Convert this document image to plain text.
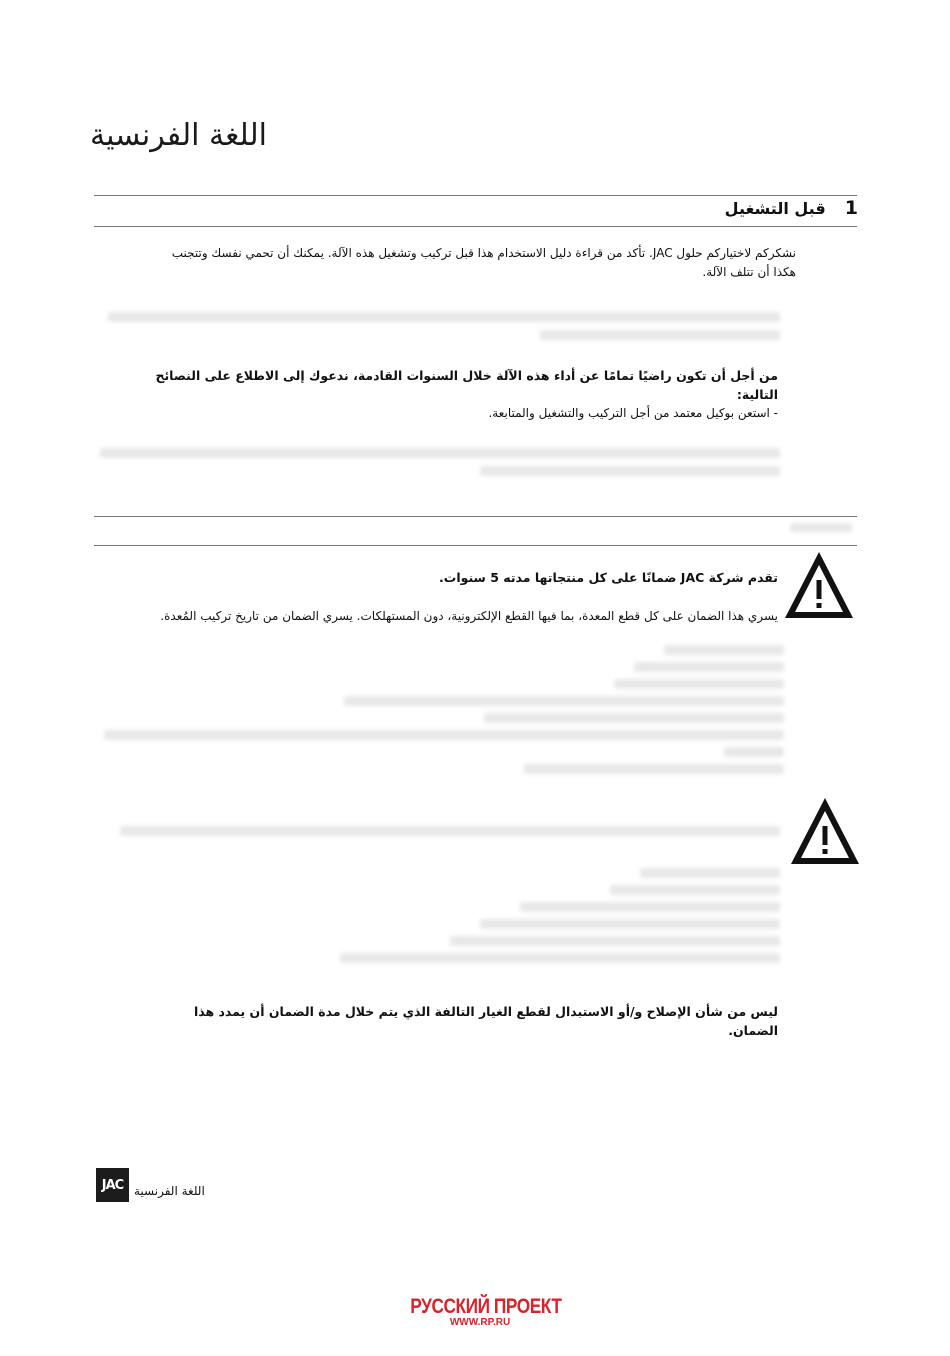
اللغة الفرنسية
1 قبل التشغيل
نشكركم لاختياركم حلول JAC. تأكد من قراءة دليل الاستخدام هذا قبل تركيب وتشغيل هذه الآلة. يمكنك أن تحمي نفسك وتتجنب
هكذا أن تتلف الآلة.
من أجل أن تكون راضيًا تمامًا عن أداء هذه الآلة خلال السنوات القادمة، ندعوك إلى الاطلاع على النصائح التالية:
- استعن بوكيل معتمد من أجل التركيب والتشغيل والمتابعة.
تقدم شركة JAC ضمانًا على كل منتجاتها مدته 5 سنوات.
يسري هذا الضمان على كل قطع المعدة، بما فيها القطع الإلكترونية، دون المستهلكات. يسري الضمان من تاريخ تركيب المُعدة.
ليس من شأن الإصلاح و/أو الاستبدال لقطع الغيار التالفة الذي يتم خلال مدة الضمان أن يمدد هذا الضمان.
JAC اللغة الفرنسية
РУССКИЙ ПРОЕКТ
WWW.RP.RU
